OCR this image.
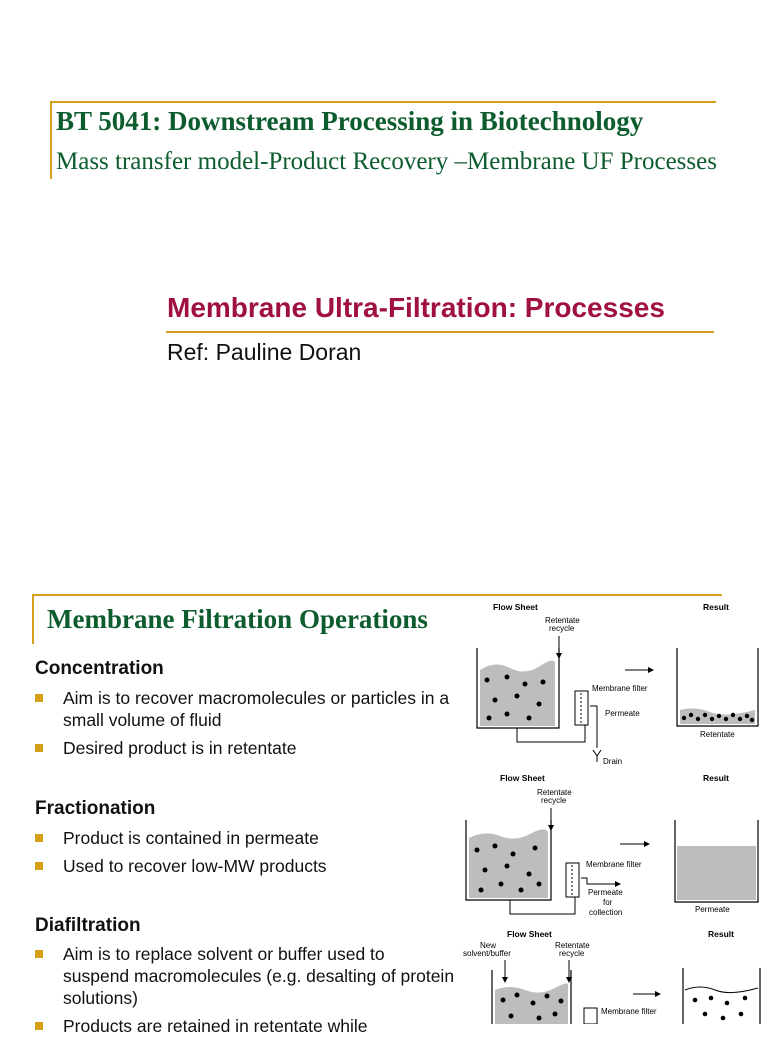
BT 5041: Downstream Processing in Biotechnology
Mass transfer model-Product Recovery –Membrane UF Processes
Membrane Ultra-Filtration: Processes
Ref: Pauline Doran
Membrane Filtration Operations
Concentration
Aim is to recover macromolecules or particles in a small volume of fluid
Desired product is in retentate
Fractionation
Product is contained in permeate
Used to recover low-MW products
Diafiltration
Aim is to replace solvent or buffer used to suspend macromolecules (e.g. desalting of protein solutions)
Products are retained in retentate while
Flow Sheet	Result
Retentate recycle
Membrane filter
Permeate
Drain
Retentate
Flow Sheet	Result
Retentate recycle
Membrane filter
Permeate for collection	Permeate
Flow Sheet	Result
New solvent/buffer
Retentate recycle
Membrane filter
